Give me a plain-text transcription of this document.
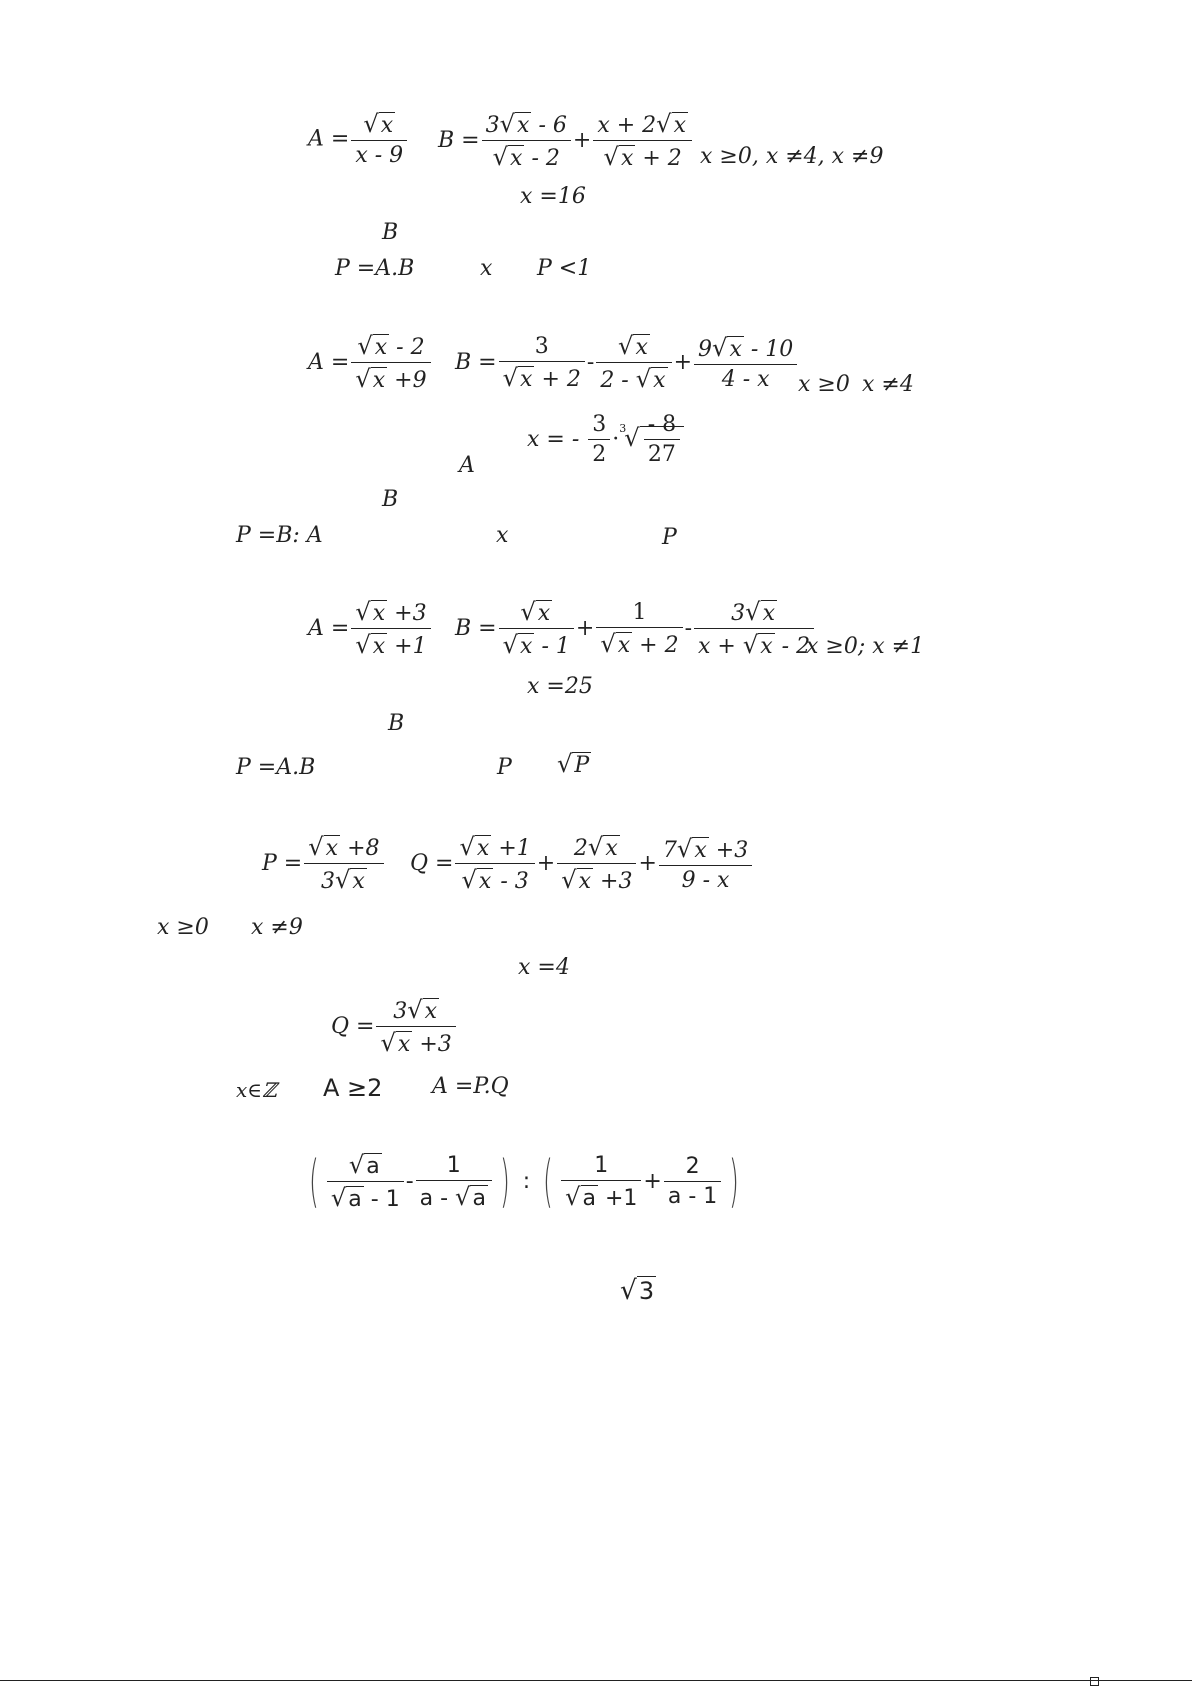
$A = \frac{√x}{x - 9}$ $B = \frac{3√x - 6}{√x - 2} + \frac{x + 2√x}{√x + 2}$ x ≥0, x ≠4, x ≠9
x =16
B
P =A.B	x P <1
$A = \frac{√x - 2}{√x +9}$ $B = \frac{3}{√x + 2} - \frac{√x}{2 - √x} + \frac{9√x - 10}{4 - x}$ x ≥0 x ≠4
A
x = - $\frac{3}{2} \cdot^3√ \frac{- 8}{27}$
B
P =B: A	x	P
$A = \frac{√x +3}{√x +1}$ $B = \frac{√x}{√x - 1} + \frac{1}{√x + 2} - \frac{3√x}{x + √x - 2}$
x ≥0; x ≠1
x =25
B
P =A.B	P √P
$P = \frac{√x +8}{3√x}$ $Q = \frac{√x +1}{√x - 3} + \frac{2√x}{√x +3} + \frac{7√x +3}{9 - x}$
x ≥0 x ≠9
x =4
$Q = \frac{3√x}{√x +3}$
x∈ℤ A ≥2 A =P.Q
( $\frac{√a}{√a - 1} - \frac{1}{a - √a}$ ) : ( $\frac{1}{√a +1} + \frac{2}{a - 1}$ )
√3
